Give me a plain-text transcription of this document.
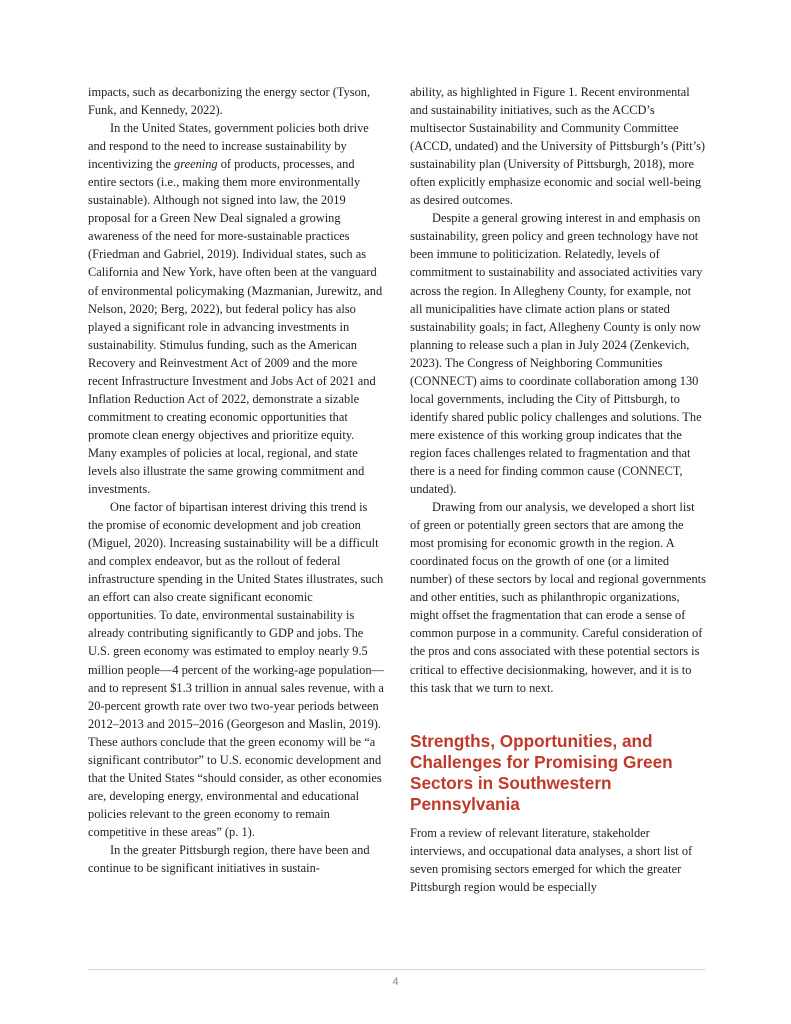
impacts, such as decarbonizing the energy sector (Tyson, Funk, and Kennedy, 2022).

In the United States, government policies both drive and respond to the need to increase sustainability by incentivizing the greening of products, processes, and entire sectors (i.e., making them more environmentally sustainable). Although not signed into law, the 2019 proposal for a Green New Deal signaled a growing awareness of the need for more-sustainable practices (Friedman and Gabriel, 2019). Individual states, such as California and New York, have often been at the vanguard of environmental policymaking (Mazmanian, Jurewitz, and Nelson, 2020; Berg, 2022), but federal policy has also played a significant role in advancing investments in sustainability. Stimulus funding, such as the American Recovery and Reinvestment Act of 2009 and the more recent Infrastructure Investment and Jobs Act of 2021 and Inflation Reduction Act of 2022, demonstrate a sizable commitment to creating economic opportunities that promote clean energy objectives and prioritize equity. Many examples of policies at local, regional, and state levels also illustrate the same growing commitment and investments.

One factor of bipartisan interest driving this trend is the promise of economic development and job creation (Miguel, 2020). Increasing sustainability will be a difficult and complex endeavor, but as the rollout of federal infrastructure spending in the United States illustrates, such an effort can also create significant economic opportunities. To date, environmental sustainability is already contributing significantly to GDP and jobs. The U.S. green economy was estimated to employ nearly 9.5 million people—4 percent of the working-age population—and to represent $1.3 trillion in annual sales revenue, with a 20-percent growth rate over two two-year periods between 2012–2013 and 2015–2016 (Georgeson and Maslin, 2019). These authors conclude that the green economy will be “a significant contributor” to U.S. economic development and that the United States “should consider, as other economies are, developing energy, environmental and educational policies relevant to the green economy to remain competitive in these areas” (p. 1).

In the greater Pittsburgh region, there have been and continue to be significant initiatives in sustain-

ability, as highlighted in Figure 1. Recent environmental and sustainability initiatives, such as the ACCD’s multisector Sustainability and Community Committee (ACCD, undated) and the University of Pittsburgh’s (Pitt’s) sustainability plan (University of Pittsburgh, 2018), more often explicitly emphasize economic and social well-being as desired outcomes.

Despite a general growing interest in and emphasis on sustainability, green policy and green technology have not been immune to politicization. Relatedly, levels of commitment to sustainability and associated activities vary across the region. In Allegheny County, for example, not all municipalities have climate action plans or stated sustainability goals; in fact, Allegheny County is only now planning to release such a plan in July 2024 (Zenkevich, 2023). The Congress of Neighboring Communities (CONNECT) aims to coordinate collaboration among 130 local governments, including the City of Pittsburgh, to identify shared public policy challenges and solutions. The mere existence of this working group indicates that the region faces challenges related to fragmentation and that there is a need for finding common cause (CONNECT, undated).

Drawing from our analysis, we developed a short list of green or potentially green sectors that are among the most promising for economic growth in the region. A coordinated focus on the growth of one (or a limited number) of these sectors by local and regional governments and other entities, such as philanthropic organizations, might offset the fragmentation that can erode a sense of common purpose in a community. Careful consideration of the pros and cons associated with these potential sectors is critical to effective decisionmaking, however, and it is to this task that we turn to next.

Strengths, Opportunities, and Challenges for Promising Green Sectors in Southwestern Pennsylvania

From a review of relevant literature, stakeholder interviews, and occupational data analyses, a short list of seven promising sectors emerged for which the greater Pittsburgh region would be especially

4
